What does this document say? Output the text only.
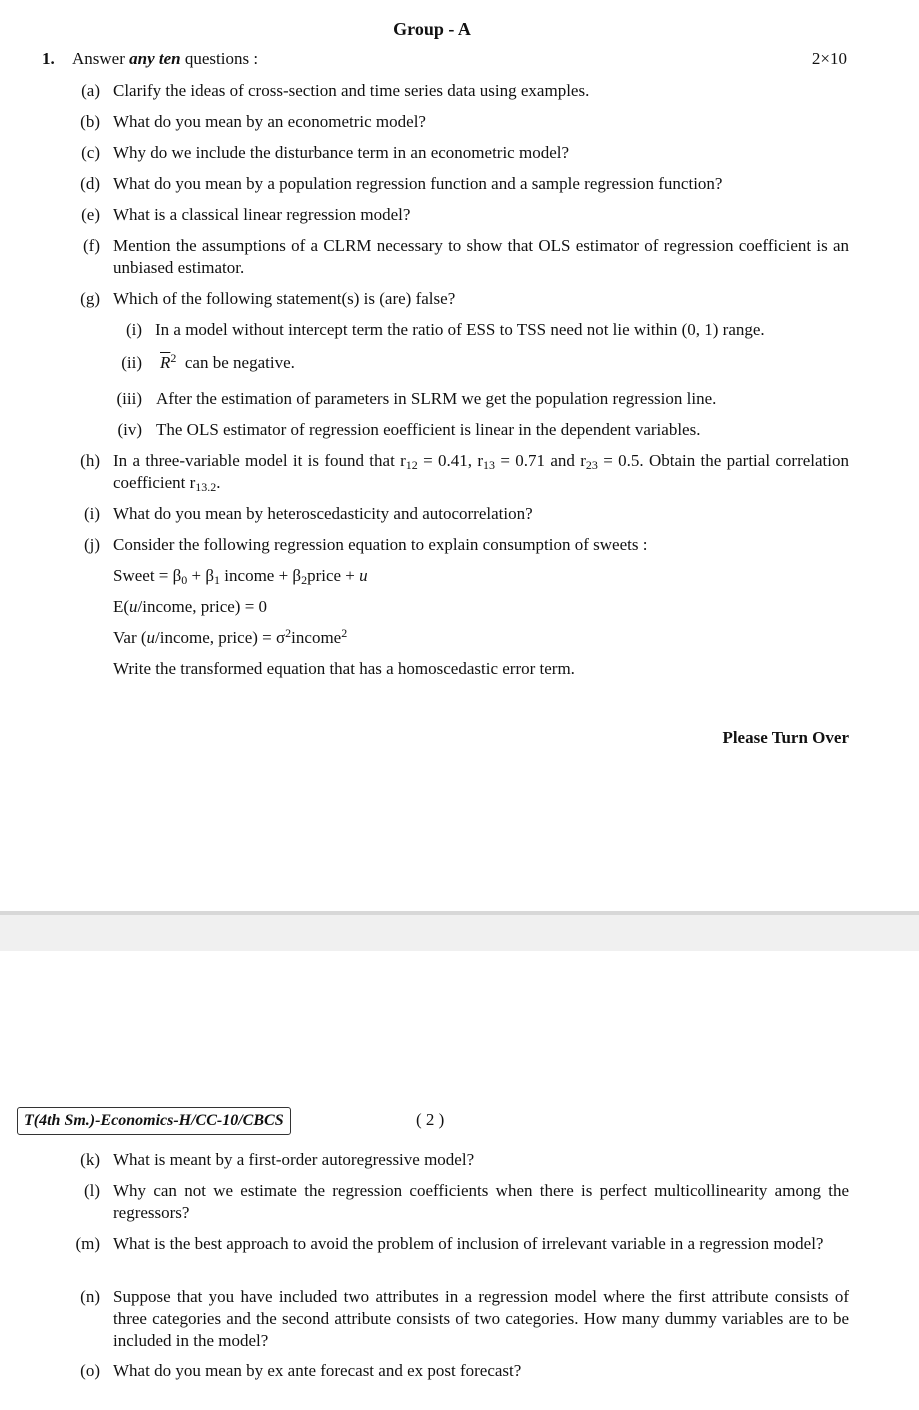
Group - A
1. Answer any ten questions :	2×10
(a) Clarify the ideas of cross-section and time series data using examples.
(b) What do you mean by an econometric model?
(c) Why do we include the disturbance term in an econometric model?
(d) What do you mean by a population regression function and a sample regression function?
(e) What is a classical linear regression model?
(f) Mention the assumptions of a CLRM necessary to show that OLS estimator of regression coefficient is an unbiased estimator.
(g) Which of the following statement(s) is (are) false?
(i) In a model without intercept term the ratio of ESS to TSS need not lie within (0, 1) range.
(ii) $\overline{R}^2$ can be negative.
(iii) After the estimation of parameters in SLRM we get the population regression line.
(iv) The OLS estimator of regression eoefficient is linear in the dependent variables.
(h) In a three-variable model it is found that $r_{12} = 0.41$, $r_{13} = 0.71$ and $r_{23} = 0.5$. Obtain the partial correlation coefficient $r_{13.2}$.
(i) What do you mean by heteroscedasticity and autocorrelation?
(j) Consider the following regression equation to explain consumption of sweets :
Sweet = $\beta_0 + \beta_1$ income + $\beta_2price + u$
E(u/income, price) = 0
Var (u/income, price) = $\sigma^2income^2$
Write the transformed equation that has a homoscedastic error term.
Please Turn Over
T(4th Sm.)-Economics-H/CC-10/CBCS	( 2 )
(k) What is meant by a first-order autoregressive model?
(l) Why can not we estimate the regression coefficients when there is perfect multicollinearity among the regressors?
(m) What is the best approach to avoid the problem of inclusion of irrelevant variable in a regression model?
(n) Suppose that you have included two attributes in a regression model where the first attribute consists of three categories and the second attribute consists of two categories. How many dummy variables are to be included in the model?
(o) What do you mean by ex ante forecast and ex post forecast?
